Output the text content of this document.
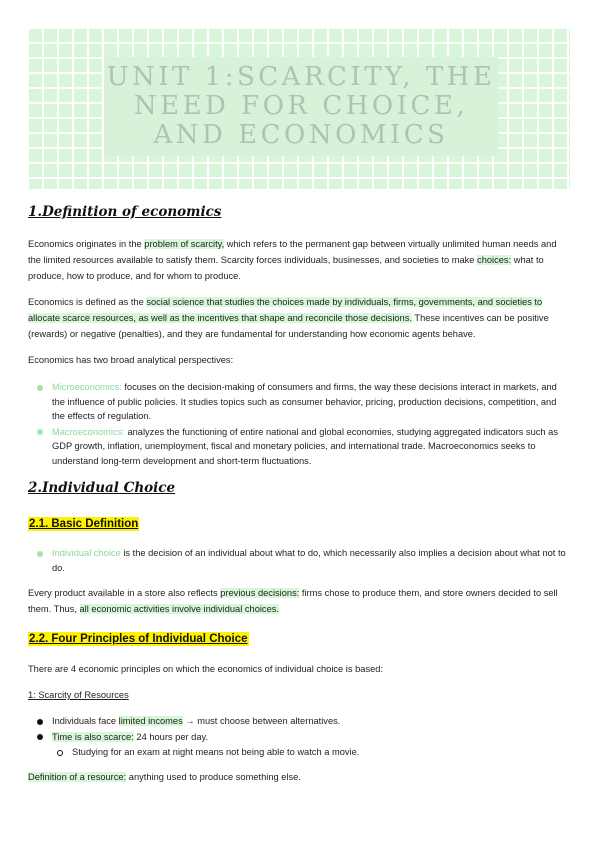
UNIT 1:SCARCITY, THE NEED FOR CHOICE, AND ECONOMICS
1.Definition of economics

Economics originates in the problem of scarcity, which refers to the permanent gap between virtually unlimited human needs and the limited resources available to satisfy them. Scarcity forces individuals, businesses, and societies to make choices: what to produce, how to produce, and for whom to produce.

Economics is defined as the social science that studies the choices made by individuals, firms, governments, and societies to allocate scarce resources, as well as the incentives that shape and reconcile those decisions. These incentives can be positive (rewards) or negative (penalties), and they are fundamental for understanding how economic agents behave.

Economics has two broad analytical perspectives:

Microeconomics: focuses on the decision-making of consumers and firms, the way these decisions interact in markets, and the influence of public policies. It studies topics such as consumer behavior, pricing, production decisions, competition, and the effects of regulation.
Macroeconomics: analyzes the functioning of entire national and global economies, studying aggregated indicators such as GDP growth, inflation, unemployment, fiscal and monetary policies, and international trade. Macroeconomics seeks to understand long-term development and short-term fluctuations.
2.Individual Choice
2.1. Basic Definition
Individual choice is the decision of an individual about what to do, which necessarily also implies a decision about what not to do.

Every product available in a store also reflects previous decisions: firms chose to produce them, and store owners decided to sell them. Thus, all economic activities involve individual choices.

2.2. Four Principles of Individual Choice

There are 4 economic principles on which the economics of individual choice is based:

1: Scarcity of Resources
Individuals face limited incomes → must choose between alternatives.
Time is also scarce: 24 hours per day.
Studying for an exam at night means not being able to watch a movie.

Definition of a resource: anything used to produce something else.
